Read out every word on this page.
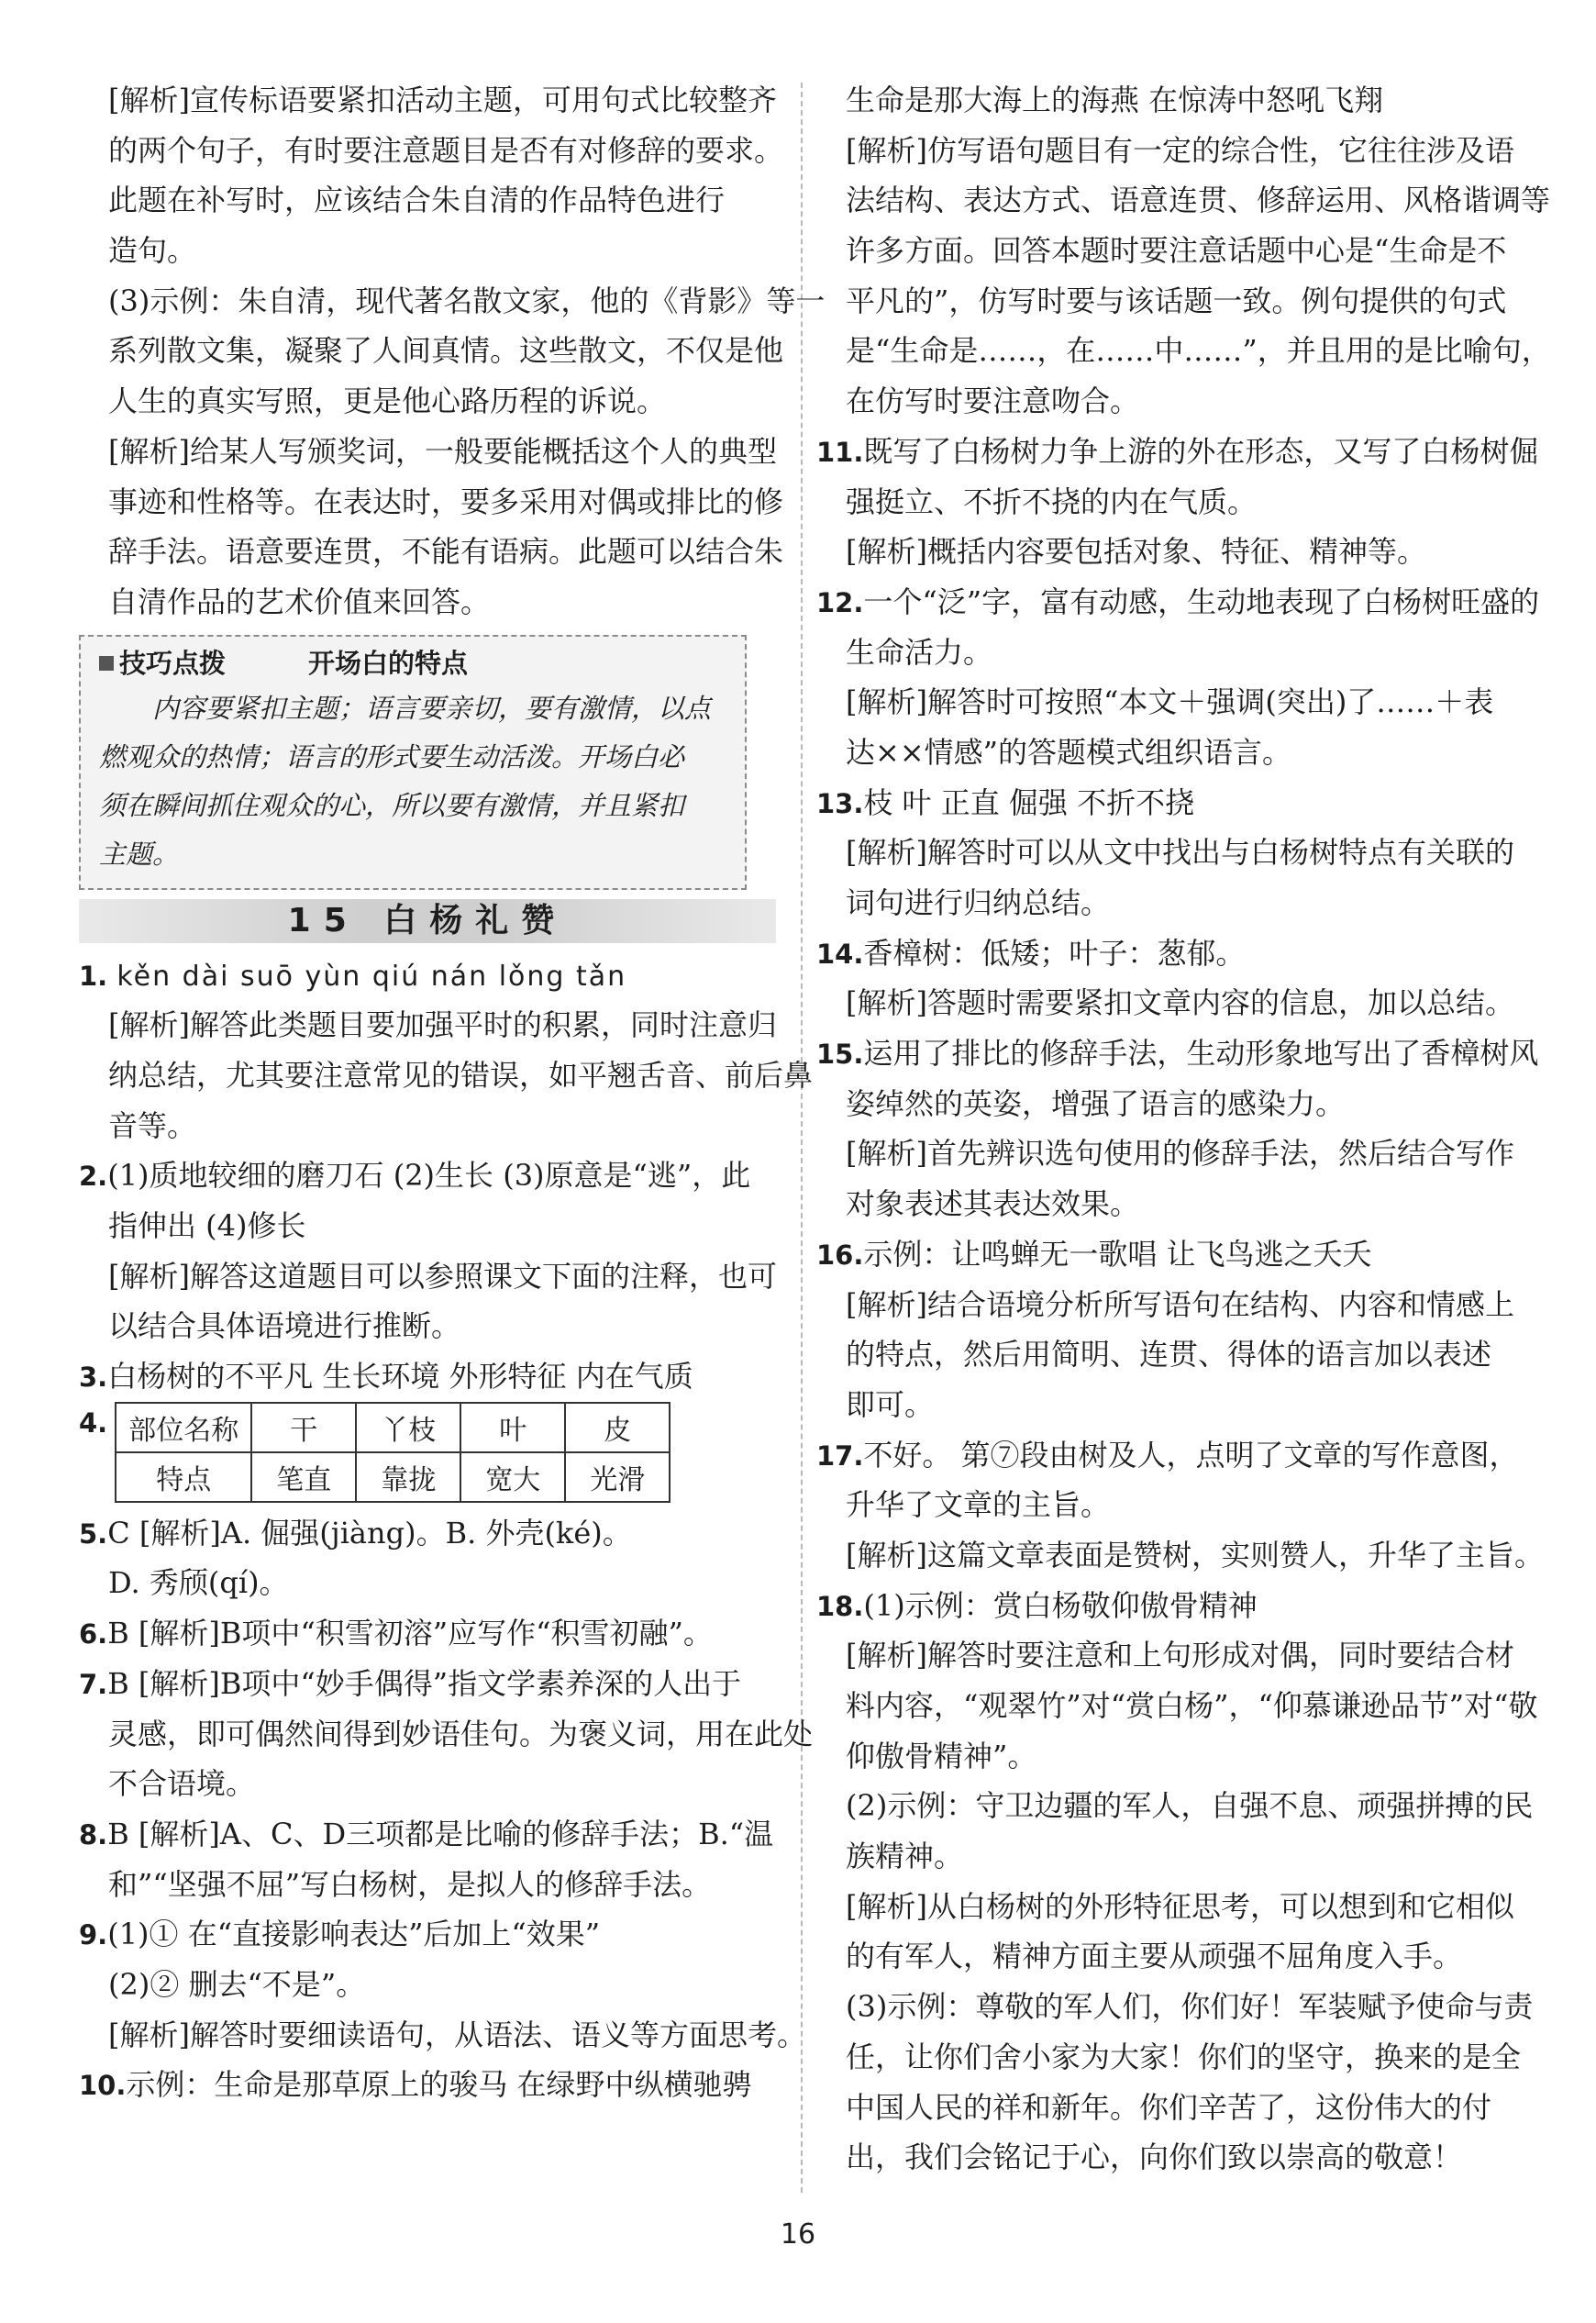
[解析]宣传标语要紧扣活动主题，可用句式比较整齐
的两个句子，有时要注意题目是否有对修辞的要求。
此题在补写时，应该结合朱自清的作品特色进行
造句。
(3)示例：朱自清，现代著名散文家，他的《背影》等一
系列散文集，凝聚了人间真情。这些散文，不仅是他
人生的真实写照，更是他心路历程的诉说。
[解析]给某人写颁奖词，一般要能概括这个人的典型
事迹和性格等。在表达时，要多采用对偶或排比的修
辞手法。语意要连贯，不能有语病。此题可以结合朱
自清作品的艺术价值来回答。
技巧点拨	开场白的特点
内容要紧扣主题；语言要亲切，要有激情，以点
燃观众的热情；语言的形式要生动活泼。开场白必
须在瞬间抓住观众的心，所以要有激情，并且紧扣
主题。
15 白杨礼赞
1. kěn dài suō yùn qiú nán lǒng tǎn
[解析]解答此类题目要加强平时的积累，同时注意归
纳总结，尤其要注意常见的错误，如平翘舌音、前后鼻
音等。
2.(1)质地较细的磨刀石 (2)生长 (3)原意是“逃”，此
指伸出 (4)修长
[解析]解答这道题目可以参照课文下面的注释，也可
以结合具体语境进行推断。
3.白杨树的不平凡 生长环境 外形特征 内在气质
4. 部位名称	干	丫枝	叶	皮
特点	笔直	靠拢	宽大	光滑
5.C [解析]A. 倔强(jiàng)。B. 外壳(ké)。
D. 秀颀(qí)。
6.B [解析]B项中“积雪初溶”应写作“积雪初融”。
7.B [解析]B项中“妙手偶得”指文学素养深的人出于
灵感，即可偶然间得到妙语佳句。为褒义词，用在此处
不合语境。
8.B [解析]A、C、D三项都是比喻的修辞手法；B.“温
和”“坚强不屈”写白杨树，是拟人的修辞手法。
9.(1)① 在“直接影响表达”后加上“效果”
(2)② 删去“不是”。
[解析]解答时要细读语句，从语法、语义等方面思考。
10.示例：生命是那草原上的骏马 在绿野中纵横驰骋
生命是那大海上的海燕 在惊涛中怒吼飞翔
[解析]仿写语句题目有一定的综合性，它往往涉及语
法结构、表达方式、语意连贯、修辞运用、风格谐调等
许多方面。回答本题时要注意话题中心是“生命是不
平凡的”，仿写时要与该话题一致。例句提供的句式
是“生命是……，在……中……”，并且用的是比喻句，
在仿写时要注意吻合。
11.既写了白杨树力争上游的外在形态，又写了白杨树倔
强挺立、不折不挠的内在气质。
[解析]概括内容要包括对象、特征、精神等。
12.一个“泛”字，富有动感，生动地表现了白杨树旺盛的
生命活力。
[解析]解答时可按照“本文＋强调(突出)了……＋表
达××情感”的答题模式组织语言。
13.枝 叶 正直 倔强 不折不挠
[解析]解答时可以从文中找出与白杨树特点有关联的
词句进行归纳总结。
14.香樟树：低矮；叶子：葱郁。
[解析]答题时需要紧扣文章内容的信息，加以总结。
15.运用了排比的修辞手法，生动形象地写出了香樟树风
姿绰然的英姿，增强了语言的感染力。
[解析]首先辨识选句使用的修辞手法，然后结合写作
对象表述其表达效果。
16.示例：让鸣蝉无一歌唱 让飞鸟逃之夭夭
[解析]结合语境分析所写语句在结构、内容和情感上
的特点，然后用简明、连贯、得体的语言加以表述
即可。
17.不好。 第⑦段由树及人，点明了文章的写作意图，
升华了文章的主旨。
[解析]这篇文章表面是赞树，实则赞人，升华了主旨。
18.(1)示例：赏白杨敬仰傲骨精神
[解析]解答时要注意和上句形成对偶，同时要结合材
料内容，“观翠竹”对“赏白杨”，“仰慕谦逊品节”对“敬
仰傲骨精神”。
(2)示例：守卫边疆的军人，自强不息、顽强拼搏的民
族精神。
[解析]从白杨树的外形特征思考，可以想到和它相似
的有军人，精神方面主要从顽强不屈角度入手。
(3)示例：尊敬的军人们，你们好！军装赋予使命与责
任，让你们舍小家为大家！你们的坚守，换来的是全
中国人民的祥和新年。你们辛苦了，这份伟大的付
出，我们会铭记于心，向你们致以崇高的敬意！
16
